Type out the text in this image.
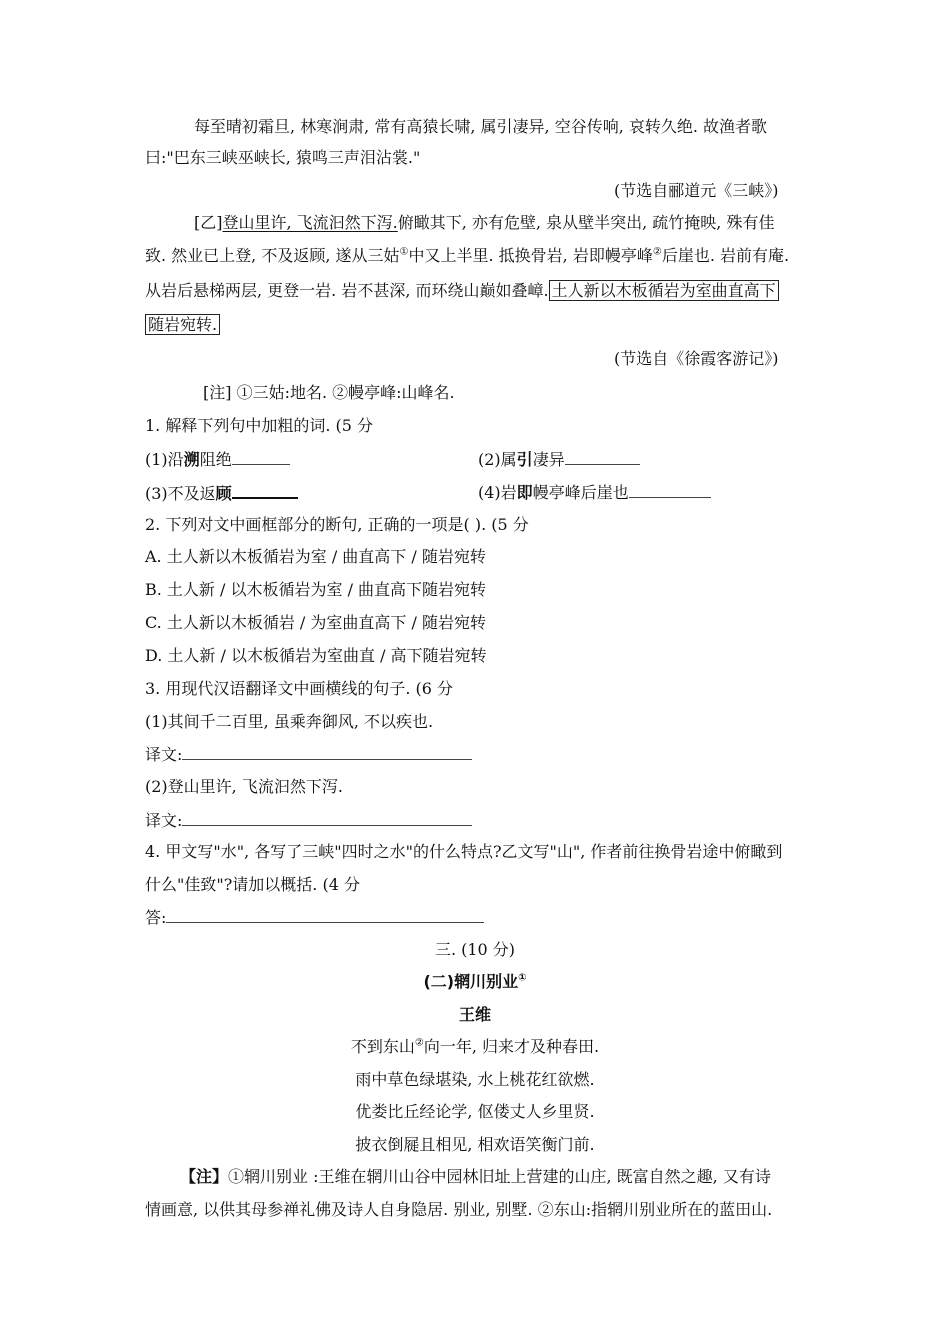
每至晴初霜旦, 林寒涧肃, 常有高猿长啸, 属引凄异, 空谷传响, 哀转久绝. 故渔者歌
曰:"巴东三峡巫峡长, 猿鸣三声泪沾裳."
(节选自郦道元《三峡》)
[乙]登山里许, 飞流汩然下泻.俯瞰其下, 亦有危壁, 泉从壁半突出, 疏竹掩映, 殊有佳
致. 然业已上登, 不及返顾, 遂从三姑①中又上半里. 抵换骨岩, 岩即幔亭峰②后崖也. 岩前有庵.
从岩后悬梯两层, 更登一岩. 岩不甚深, 而环绕山巅如叠嶂. 土人新以木板循岩为室曲直高下
随岩宛转.
(节选自《徐霞客游记》)
[注] ①三姑:地名. ②幔亭峰:山峰名.
1. 解释下列句中加粗的词. (5 分
(1)沿溯阻绝	(2)属引凄异
(3)不及返顾	(4)岩即幔亭峰后崖也
2. 下列对文中画框部分的断句, 正确的一项是( ). (5 分
A. 土人新以木板循岩为室 / 曲直高下 / 随岩宛转
B. 土人新 / 以木板循岩为室 / 曲直高下随岩宛转
C. 土人新以木板循岩 / 为室曲直高下 / 随岩宛转
D. 土人新 / 以木板循岩为室曲直 / 高下随岩宛转
3. 用现代汉语翻译文中画横线的句子. (6 分
(1)其间千二百里, 虽乘奔御风, 不以疾也.
译文:
(2)登山里许, 飞流汩然下泻.
译文:
4. 甲文写"水", 各写了三峡"四时之水"的什么特点?乙文写"山", 作者前往换骨岩途中俯瞰到
什么"佳致"?请加以概括. (4 分
答:
三. (10 分)
(二)辋川别业①
王维
不到东山②向一年, 归来才及种春田.
雨中草色绿堪染, 水上桃花红欲燃.
优娄比丘经论学, 伛偻丈人乡里贤.
披衣倒屣且相见, 相欢语笑衡门前.
【注】①辋川别业 :王维在辋川山谷中园林旧址上营建的山庄, 既富自然之趣, 又有诗
情画意, 以供其母参禅礼佛及诗人自身隐居. 别业, 别墅. ②东山:指辋川别业所在的蓝田山.
